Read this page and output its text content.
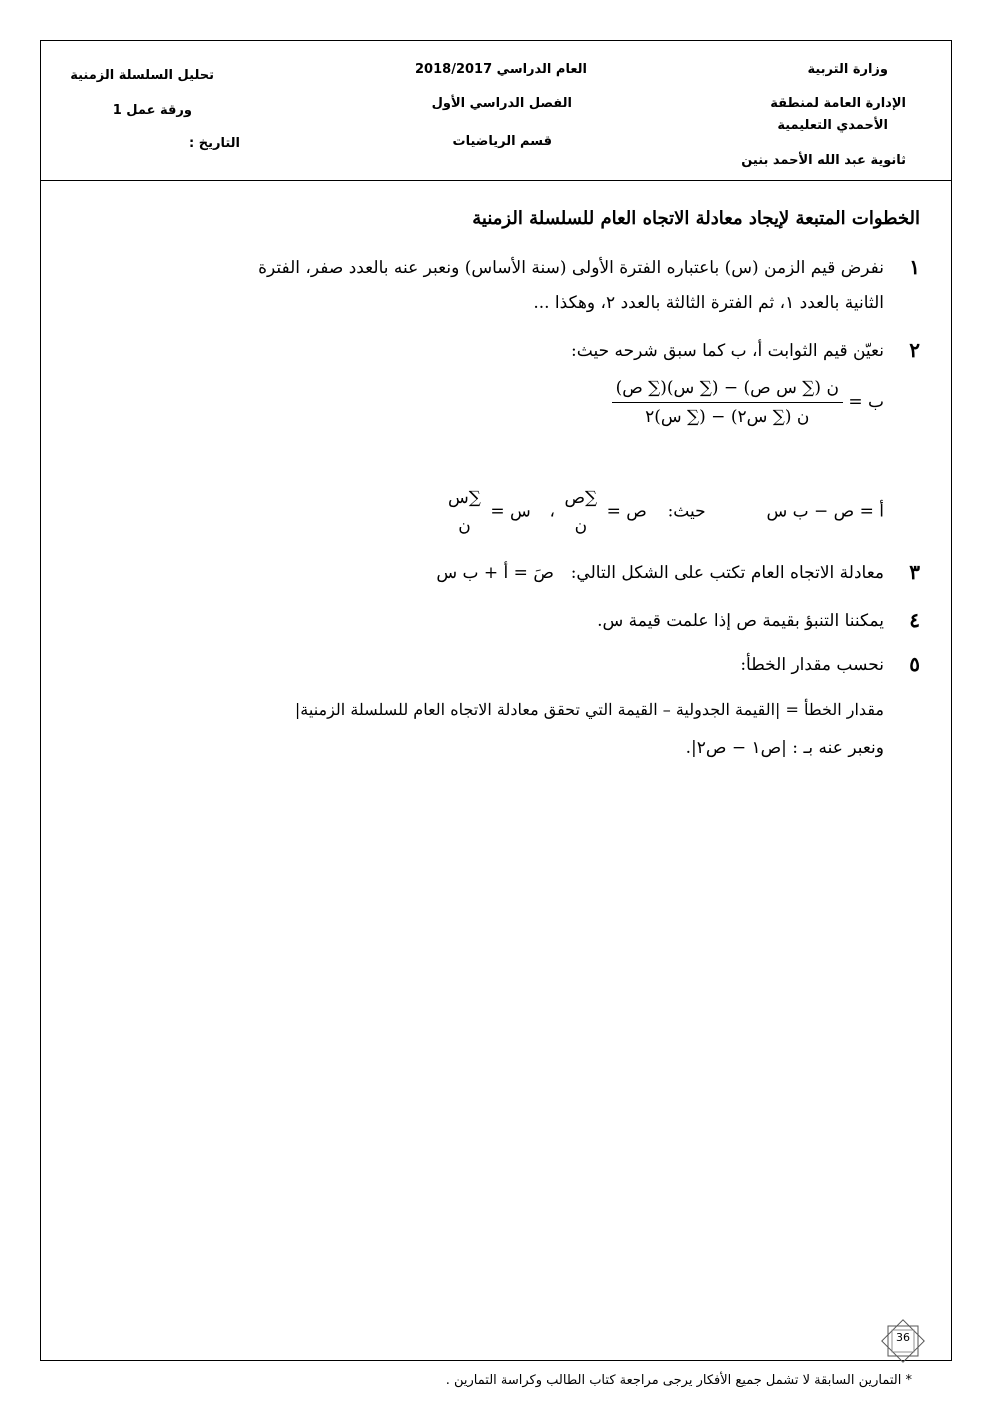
وزارة التربية
الإدارة العامة لمنطقة
الأحمدي التعليمية
ثانوية عبد الله الأحمد بنين
العام الدراسي 2018/2017
الفصل الدراسي الأول
قسم الرياضيات
تحليل السلسلة الزمنية
ورقة عمل 1
التاريخ :
الخطوات المتبعة لإيجاد معادلة الاتجاه العام للسلسلة الزمنية
١
نفرض قيم الزمن (س) باعتباره الفترة الأولى (سنة الأساس) ونعبر عنه بالعدد صفر، الفترة
الثانية بالعدد ١، ثم الفترة الثالثة بالعدد ٢، وهكذا ...
٢
نعيّن قيم الثوابت أ، ب كما سبق شرحه حيث:
ب =
$\frac{\text{ن (∑ س ص) − (∑ س)(∑ ص)}}{\text{ن (∑ س٢) − (∑ س)٢}}$
أ = ص − ب س  حيث:  ص =
∑ص
ن
،  س =
∑س
ن
٣
معادلة الاتجاه العام تكتب على الشكل التالي:  صَ = أ + ب س
٤
يمكننا التنبؤ بقيمة ص إذا علمت قيمة س.
٥
نحسب مقدار الخطأ:
مقدار الخطأ = |القيمة الجدولية – القيمة التي تحقق معادلة الاتجاه العام للسلسلة الزمنية|
ونعبر عنه بـ : |ص١ − ص٢|.
36
* التمارين السابقة لا تشمل جميع الأفكار يرجى مراجعة كتاب الطالب وكراسة التمارين .
